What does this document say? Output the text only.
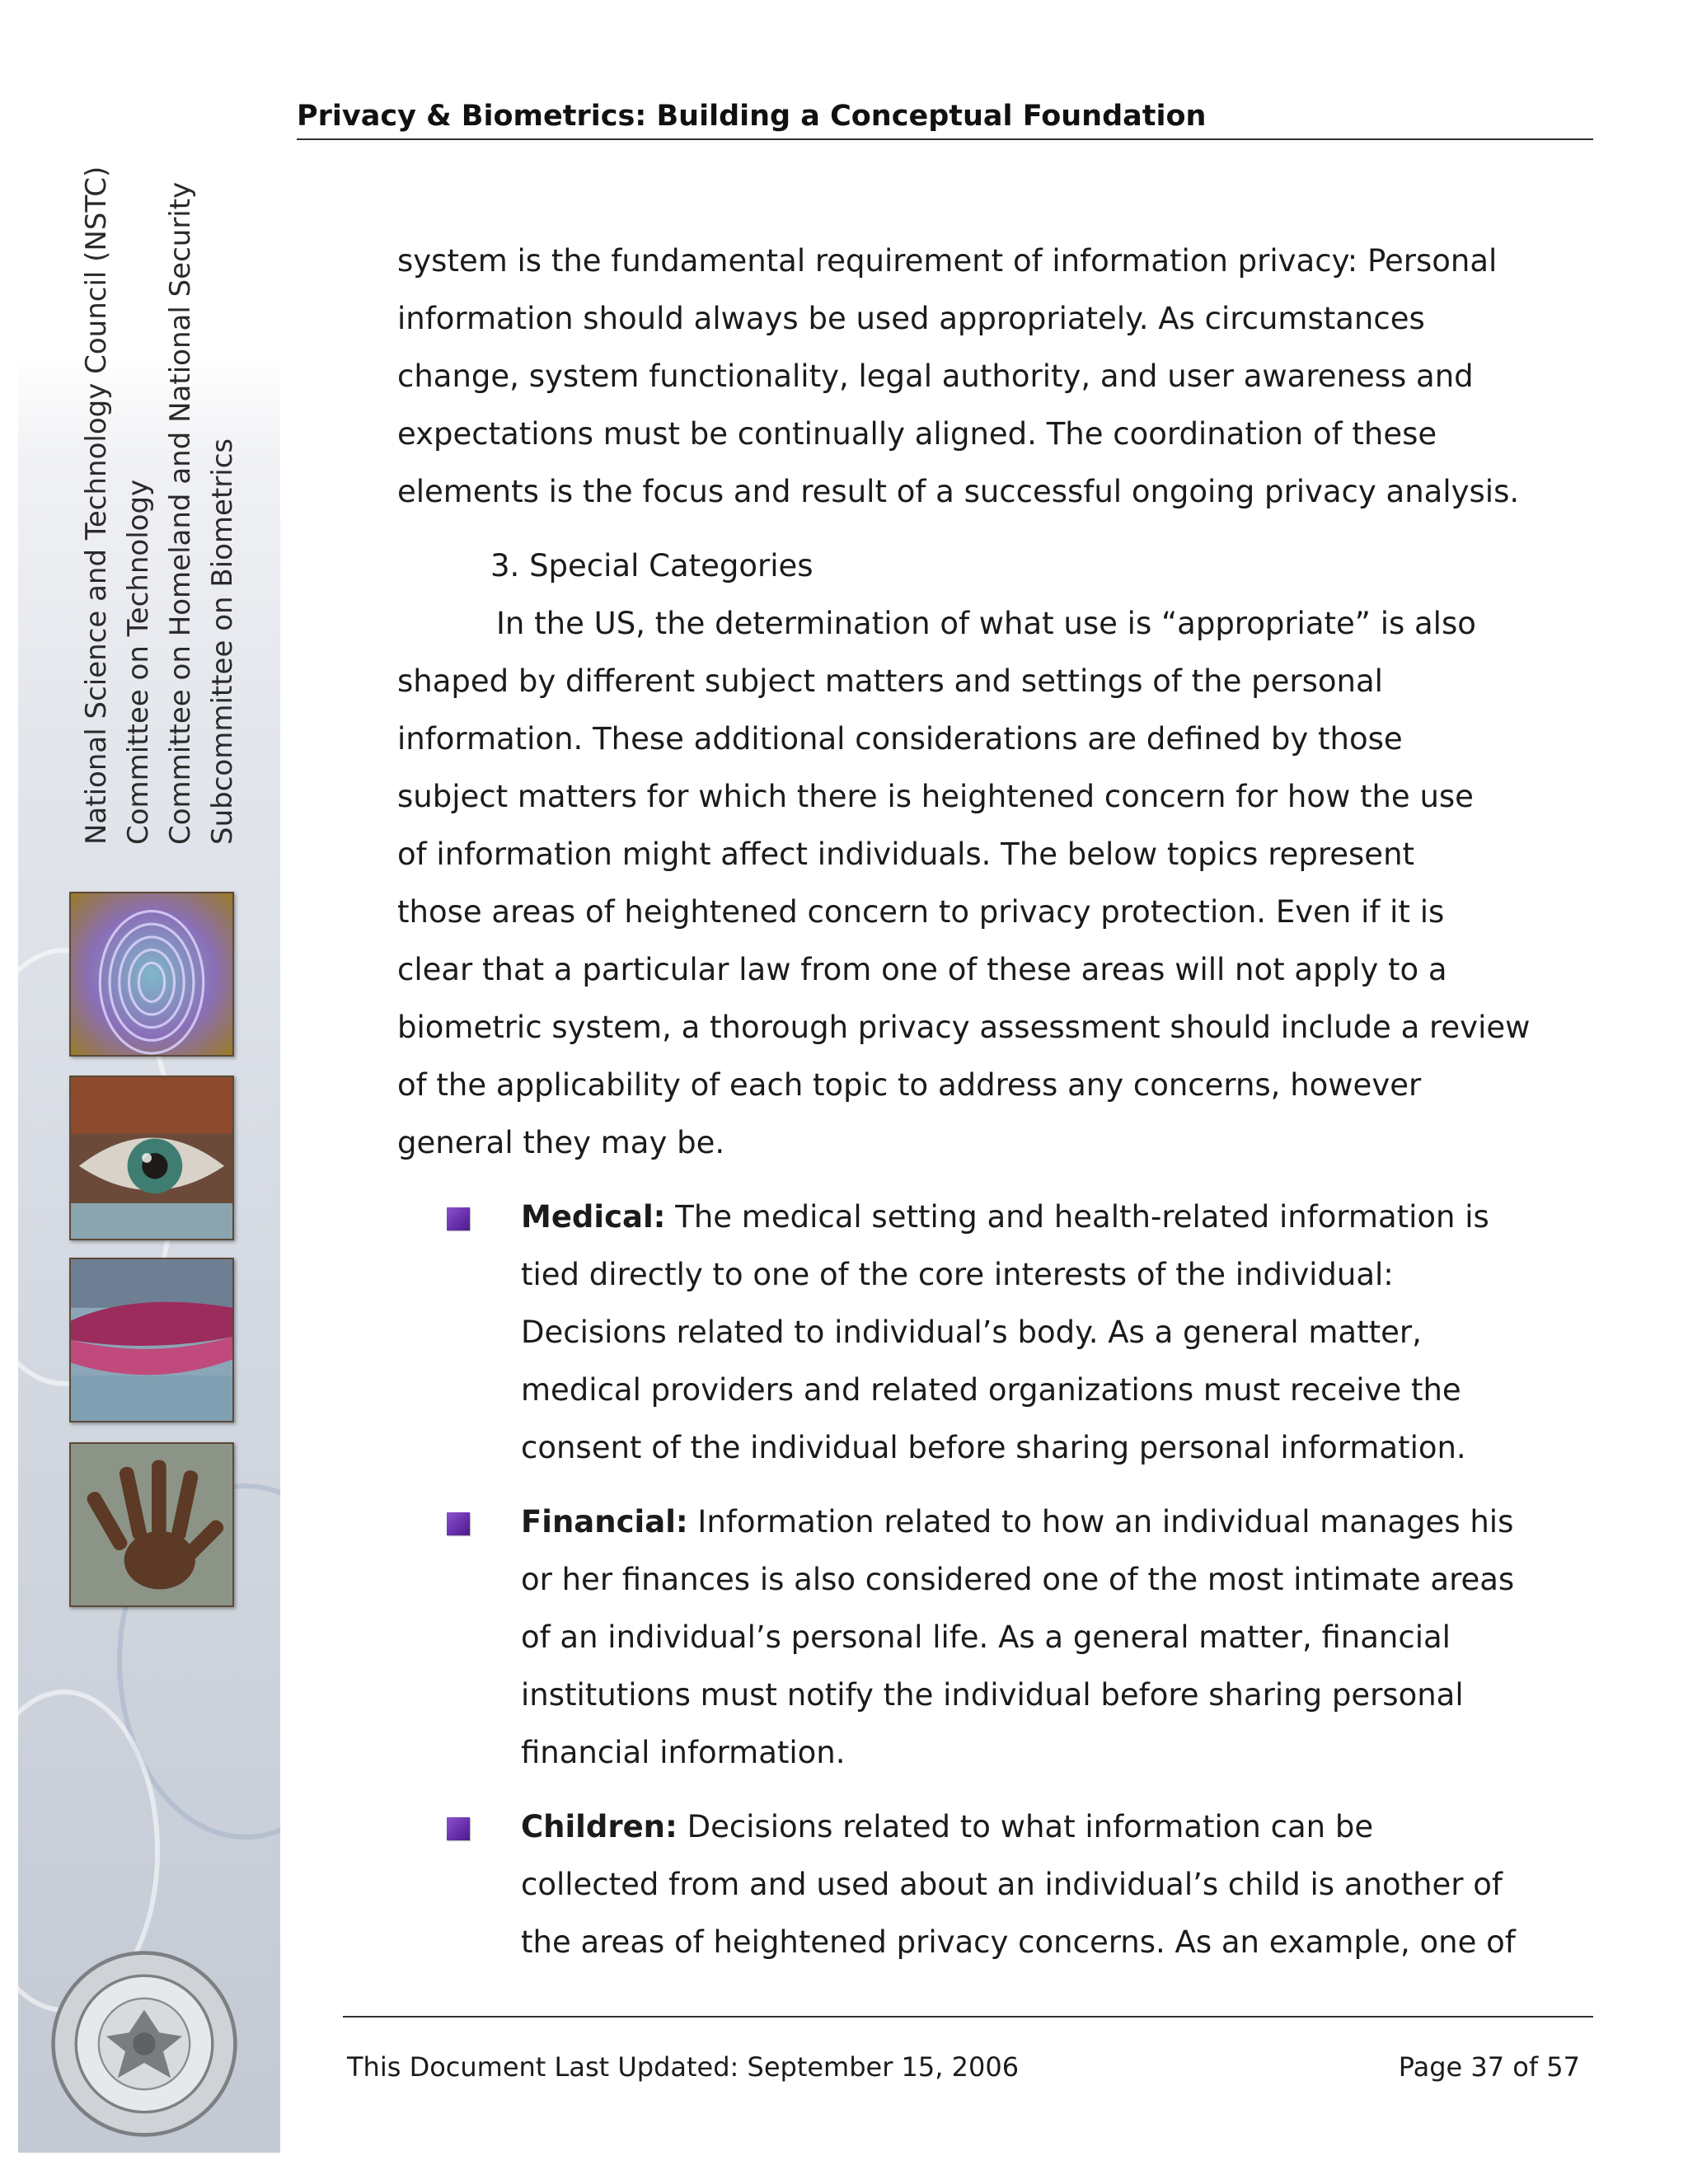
National Science and Technology Council (NSTC) Committee on Technology Committee on Homeland and National Security Subcommittee on Biometrics
Privacy & Biometrics: Building a Conceptual Foundation
system is the fundamental requirement of information privacy: Personal
information should always be used appropriately. As circumstances
change, system functionality, legal authority, and user awareness and
expectations must be continually aligned. The coordination of these
elements is the focus and result of a successful ongoing privacy analysis.
3. Special Categories
In the US, the determination of what use is “appropriate” is also
shaped by different subject matters and settings of the personal
information. These additional considerations are defined by those
subject matters for which there is heightened concern for how the use
of information might affect individuals. The below topics represent
those areas of heightened concern to privacy protection. Even if it is
clear that a particular law from one of these areas will not apply to a
biometric system, a thorough privacy assessment should include a review
of the applicability of each topic to address any concerns, however
general they may be.
Medical: The medical setting and health-related information is
tied directly to one of the core interests of the individual:
Decisions related to individual’s body. As a general matter,
medical providers and related organizations must receive the
consent of the individual before sharing personal information.
Financial: Information related to how an individual manages his
or her finances is also considered one of the most intimate areas
of an individual’s personal life. As a general matter, financial
institutions must notify the individual before sharing personal
financial information.
Children: Decisions related to what information can be
collected from and used about an individual’s child is another of
the areas of heightened privacy concerns. As an example, one of
This Document Last Updated: September 15, 2006	Page 37 of 57
